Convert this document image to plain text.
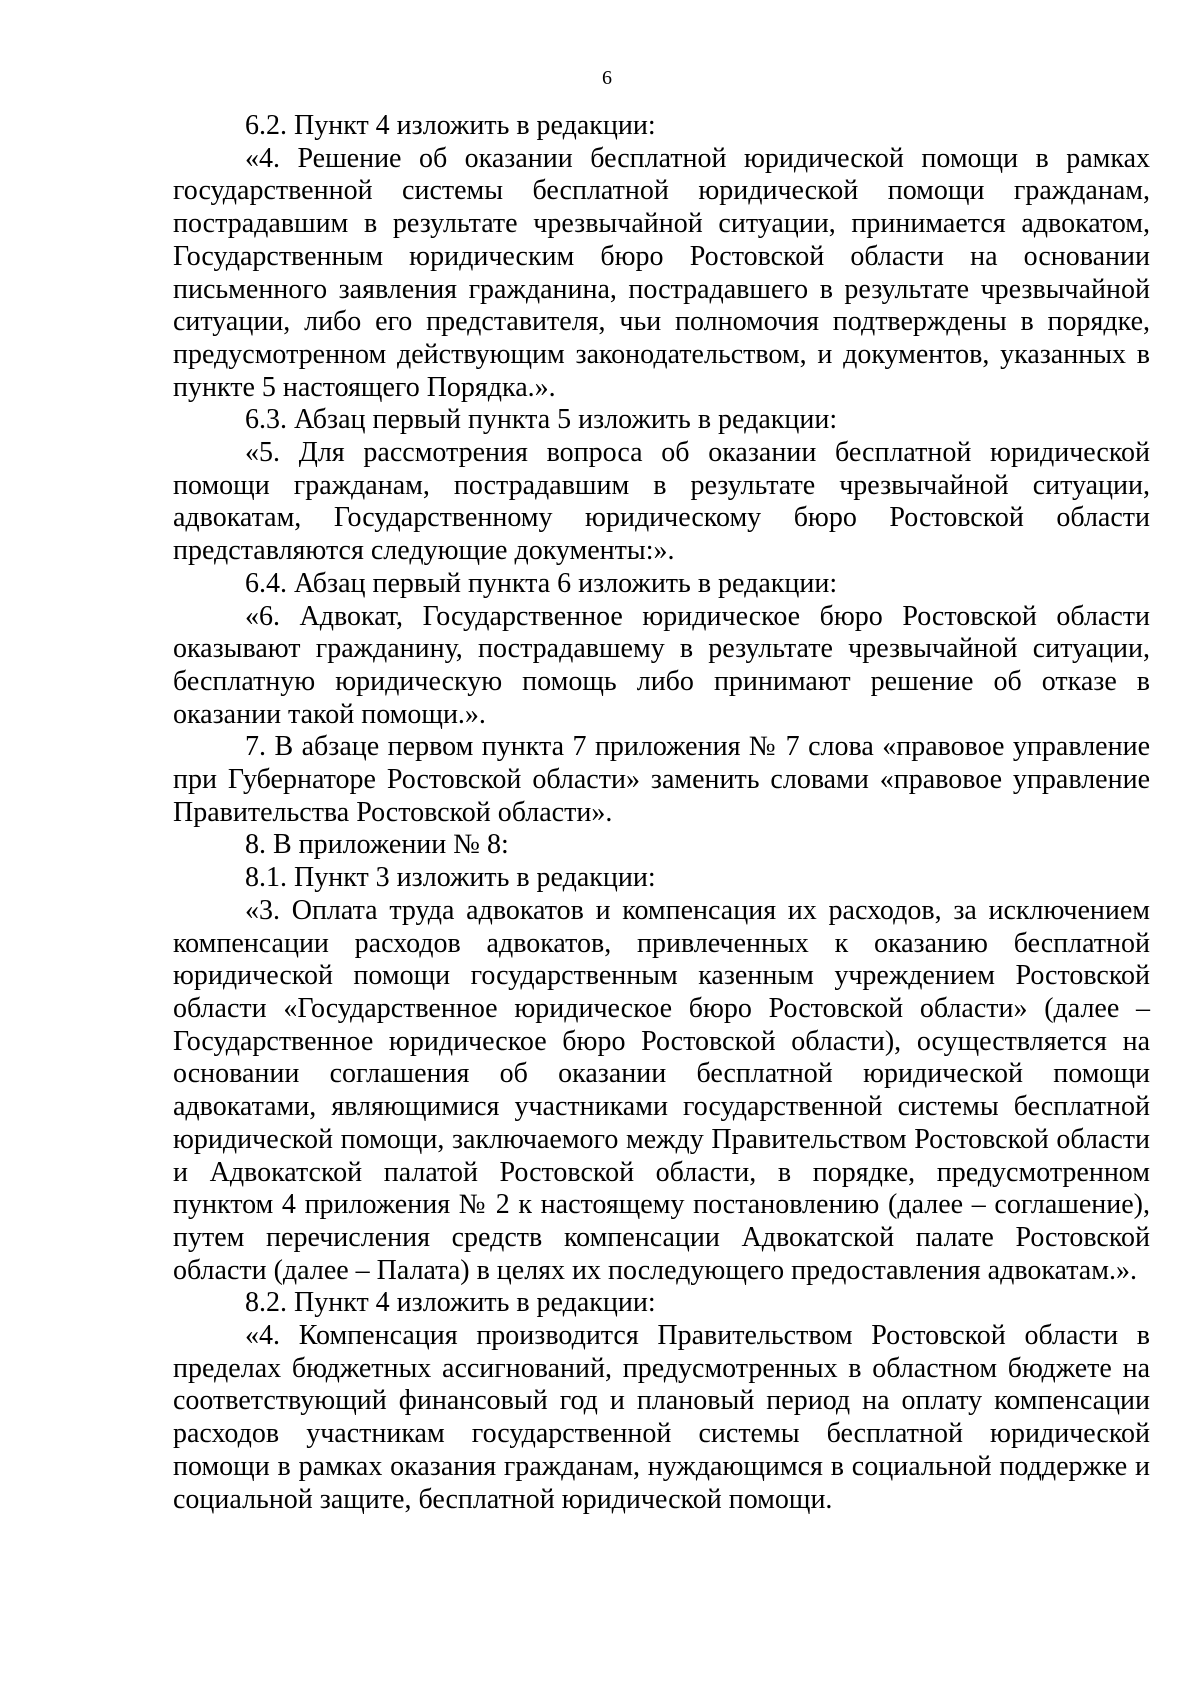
6

6.2. Пункт 4 изложить в редакции:

«4. Решение об оказании бесплатной юридической помощи в рамках государственной системы бесплатной юридической помощи гражданам, пострадавшим в результате чрезвычайной ситуации, принимается адвокатом, Государственным юридическим бюро Ростовской области на основании письменного заявления гражданина, пострадавшего в результате чрезвычайной ситуации, либо его представителя, чьи полномочия подтверждены в порядке, предусмотренном действующим законодательством, и документов, указанных в пункте 5 настоящего Порядка.».

6.3. Абзац первый пункта 5 изложить в редакции:

«5. Для рассмотрения вопроса об оказании бесплатной юридической помощи гражданам, пострадавшим в результате чрезвычайной ситуации, адвокатам, Государственному юридическому бюро Ростовской области представляются следующие документы:».

6.4. Абзац первый пункта 6 изложить в редакции:

«6. Адвокат, Государственное юридическое бюро Ростовской области оказывают гражданину, пострадавшему в результате чрезвычайной ситуации, бесплатную юридическую помощь либо принимают решение об отказе в оказании такой помощи.».

7. В абзаце первом пункта 7 приложения № 7 слова «правовое управление при Губернаторе Ростовской области» заменить словами «правовое управление Правительства Ростовской области».

8. В приложении № 8:

8.1. Пункт 3 изложить в редакции:

«3. Оплата труда адвокатов и компенсация их расходов, за исключением компенсации расходов адвокатов, привлеченных к оказанию бесплатной юридической помощи государственным казенным учреждением Ростовской области «Государственное юридическое бюро Ростовской области» (далее – Государственное юридическое бюро Ростовской области), осуществляется на основании соглашения об оказании бесплатной юридической помощи адвокатами, являющимися участниками государственной системы бесплатной юридической помощи, заключаемого между Правительством Ростовской области и Адвокатской палатой Ростовской области, в порядке, предусмотренном пунктом 4 приложения № 2 к настоящему постановлению (далее – соглашение), путем перечисления средств компенсации Адвокатской палате Ростовской области (далее – Палата) в целях их последующего предоставления адвокатам.».

8.2. Пункт 4 изложить в редакции:

«4. Компенсация производится Правительством Ростовской области в пределах бюджетных ассигнований, предусмотренных в областном бюджете на соответствующий финансовый год и плановый период на оплату компенсации расходов участникам государственной системы бесплатной юридической помощи в рамках оказания гражданам, нуждающимся в социальной поддержке и социальной защите, бесплатной юридической помощи.
